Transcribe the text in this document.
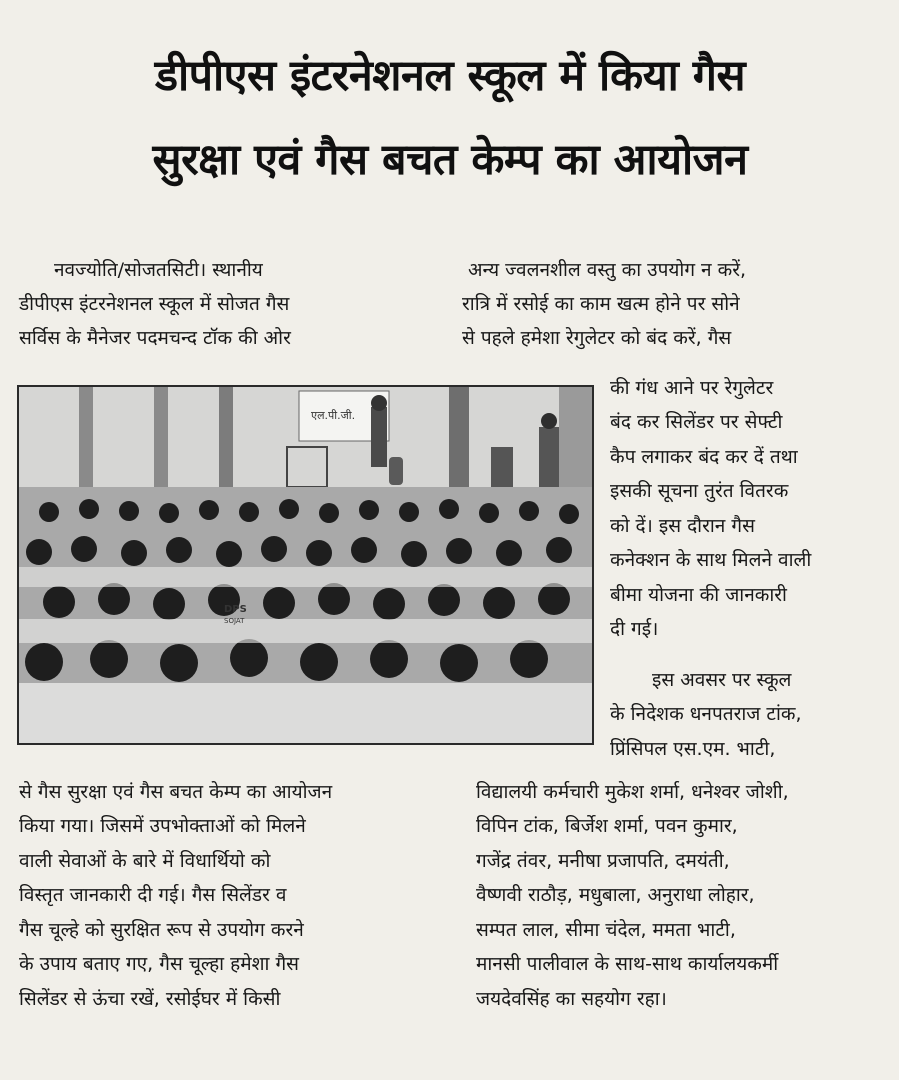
डीपीएस इंटरनेशनल स्कूल में किया गैस
सुरक्षा एवं गैस बचत केम्प का आयोजन
नवज्योति/सोजतसिटी। स्थानीय
डीपीएस इंटरनेशनल स्कूल में सोजत गैस
सर्विस के मैनेजर पदमचन्द टॉक की ओर
अन्य ज्वलनशील वस्तु का उपयोग न करें,
रात्रि में रसोई का काम खत्म होने पर सोने
से पहले हमेशा रेगुलेटर को बंद करें, गैस
की गंध आने पर रेगुलेटर
बंद कर सिलेंडर पर सेफ्टी
कैप लगाकर बंद कर दें तथा
इसकी सूचना तुरंत वितरक
को दें। इस दौरान गैस
कनेक्शन के साथ मिलने वाली
बीमा योजना की जानकारी
दी गई।
इस अवसर पर स्कूल
के निदेशक धनपतराज टांक,
प्रिंसिपल एस.एम. भाटी,
से गैस सुरक्षा एवं गैस बचत केम्प का आयोजन
किया गया। जिसमें उपभोक्ताओं को मिलने
वाली सेवाओं के बारे में विधार्थियो को
विस्तृत जानकारी दी गई। गैस सिलेंडर व
गैस चूल्हे को सुरक्षित रूप से उपयोग करने
के उपाय बताए गए, गैस चूल्हा हमेशा गैस
सिलेंडर से ऊंचा रखें, रसोईघर में किसी
विद्यालयी कर्मचारी मुकेश शर्मा, धनेश्वर जोशी,
विपिन टांक, बिर्जेश शर्मा, पवन कुमार,
गजेंद्र तंवर, मनीषा प्रजापति, दमयंती,
वैष्णवी राठौड़, मधुबाला, अनुराधा लोहार,
सम्पत लाल, सीमा चंदेल, ममता भाटी,
मानसी पालीवाल के साथ-साथ कार्यालयकर्मी
जयदेवसिंह का सहयोग रहा।
एल.पी.जी.
DPS
SOJAT
